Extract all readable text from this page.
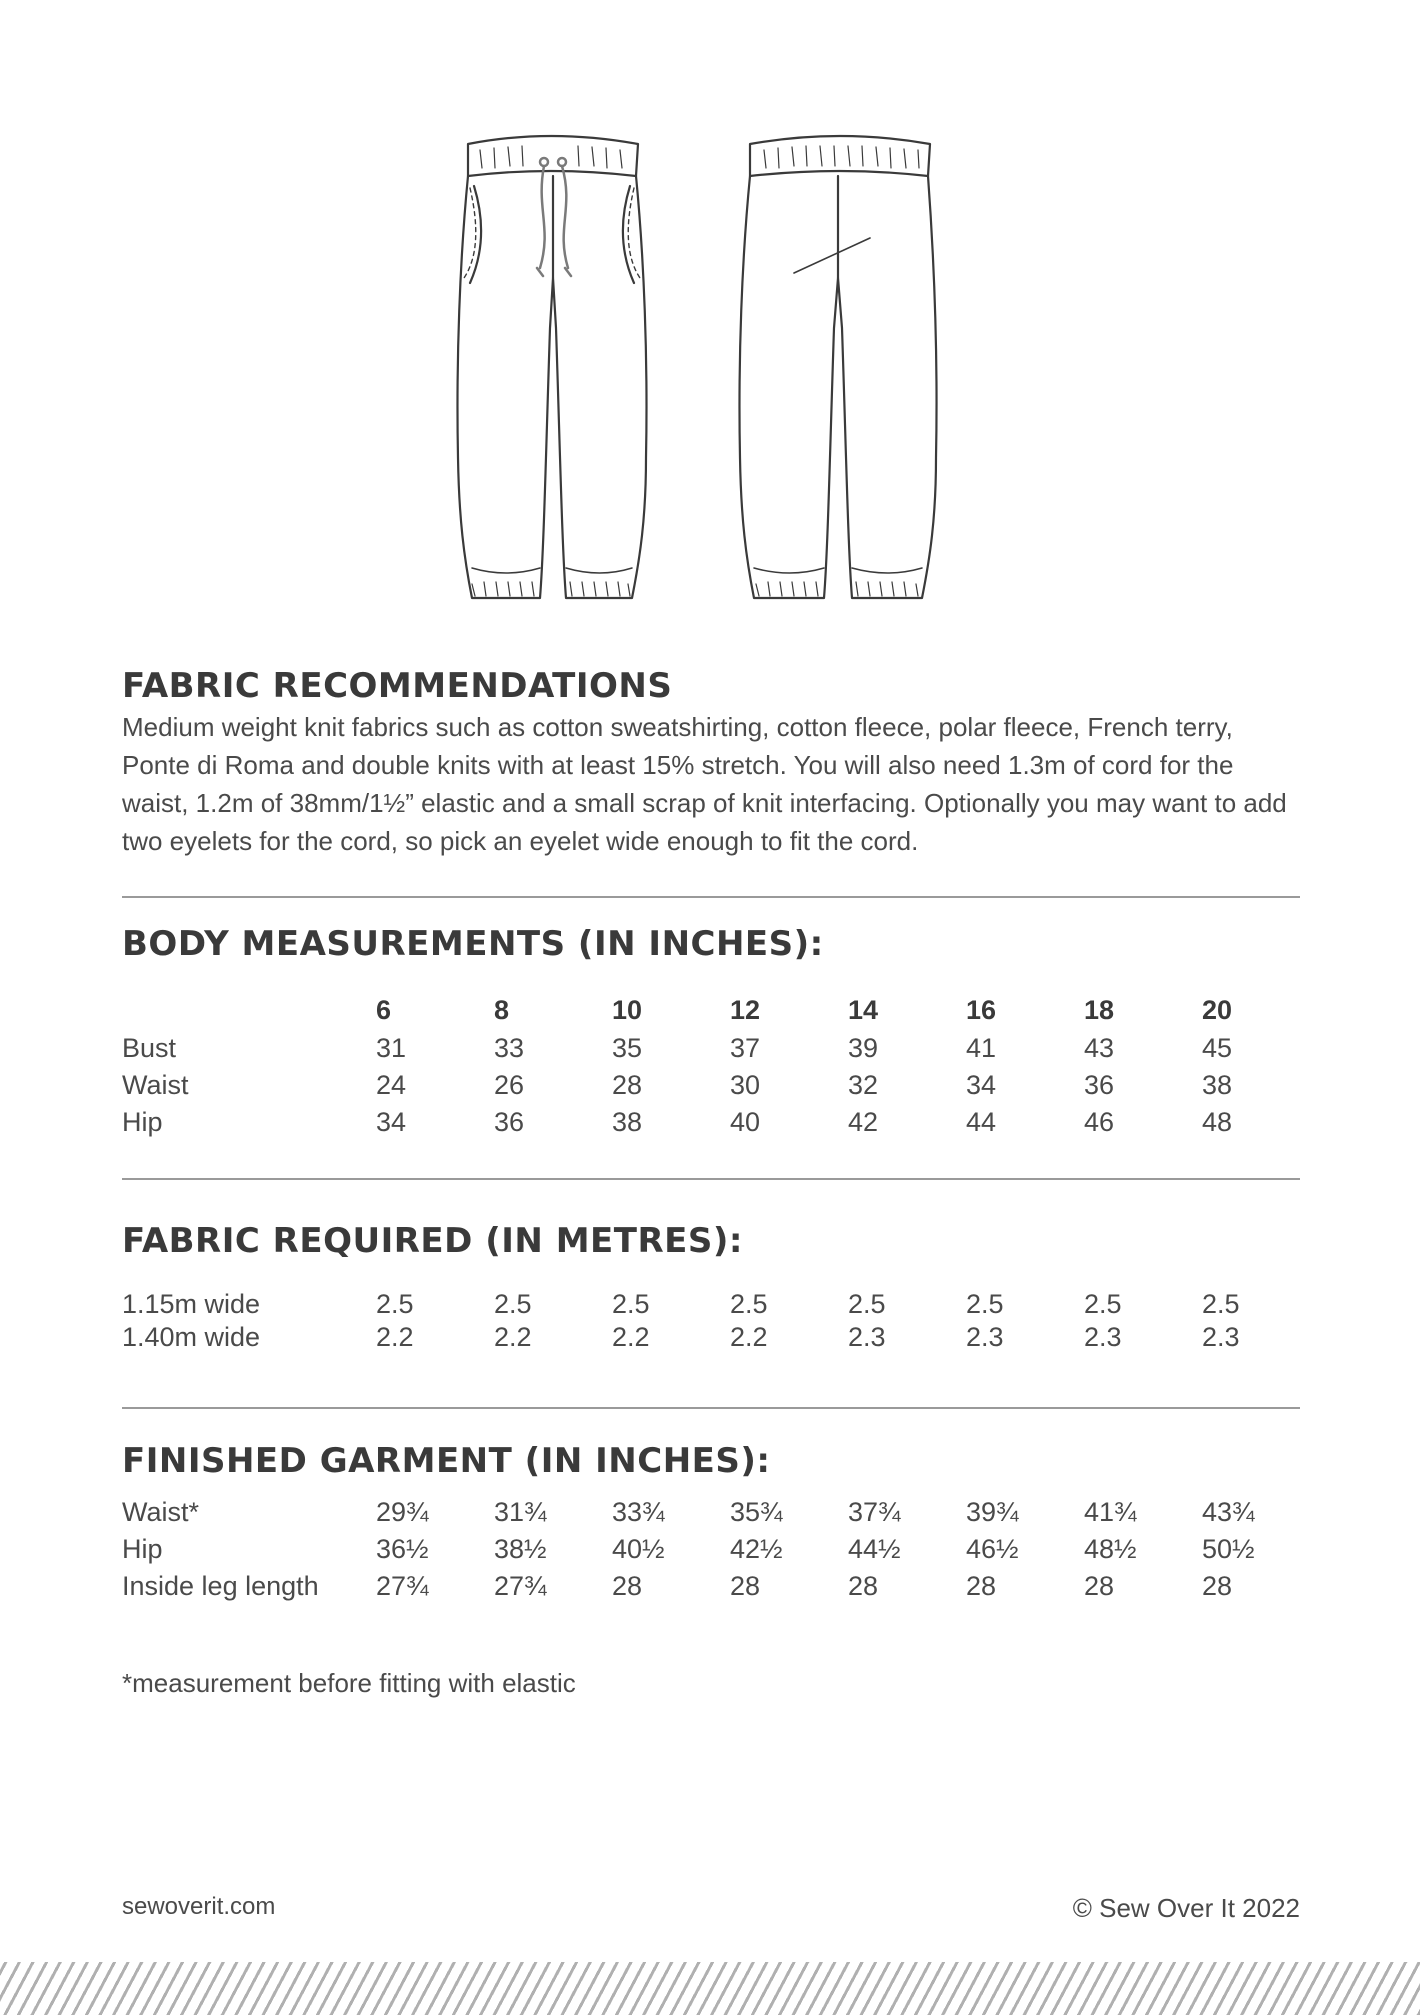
FABRIC RECOMMENDATIONS

Medium weight knit fabrics such as cotton sweatshirting, cotton fleece, polar fleece, French terry, Ponte di Roma and double knits with at least 15% stretch. You will also need 1.3m of cord for the waist, 1.2m of 38mm/1½” elastic and a small scrap of knit interfacing. Optionally you may want to add two eyelets for the cord, so pick an eyelet wide enough to fit the cord.

BODY MEASUREMENTS (IN INCHES):
	6	8	10	12	14	16	18	20
Bust	31	33	35	37	39	41	43	45
Waist	24	26	28	30	32	34	36	38
Hip	34	36	38	40	42	44	46	48
FABRIC REQUIRED (IN METRES):
1.15m wide	2.5	2.5	2.5	2.5	2.5	2.5	2.5	2.5
1.40m wide	2.2	2.2	2.2	2.2	2.3	2.3	2.3	2.3
FINISHED GARMENT (IN INCHES):
Waist*	29¾	31¾	33¾	35¾	37¾	39¾	41¾	43¾
Hip	36½	38½	40½	42½	44½	46½	48½	50½
Inside leg length	27¾	27¾	28	28	28	28	28	28

*measurement before fitting with elastic

sewoverit.com	© Sew Over It 2022
